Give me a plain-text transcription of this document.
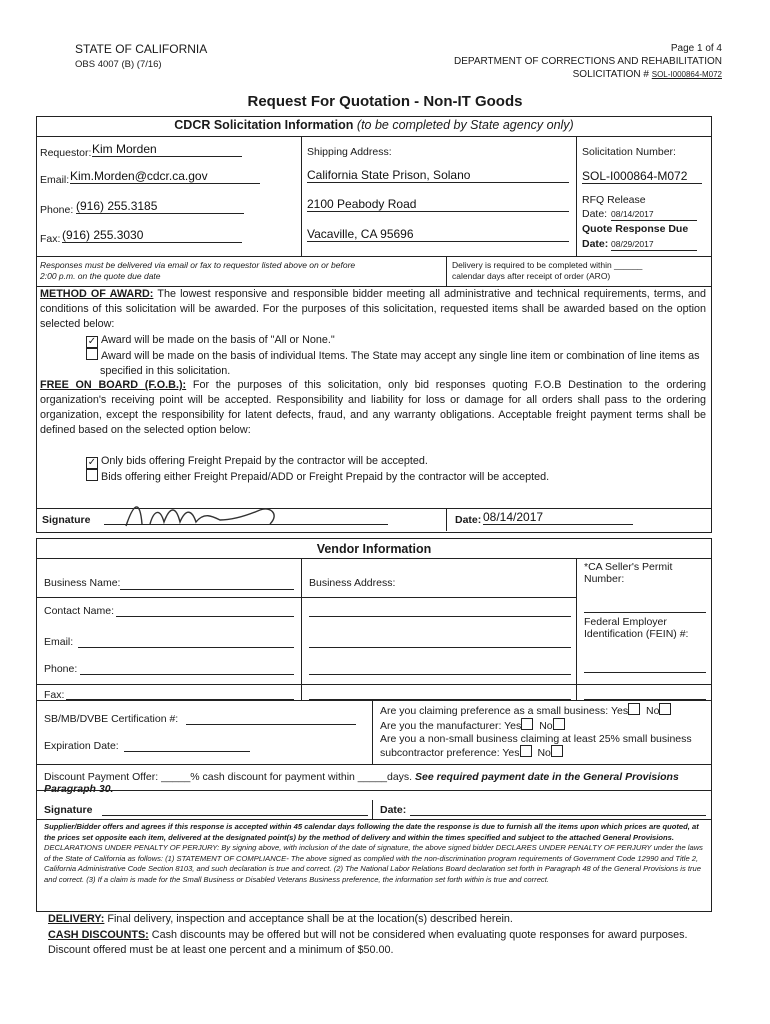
STATE OF CALIFORNIA
OBS 4007 (B) (7/16)
Page 1 of 4
DEPARTMENT OF CORRECTIONS AND REHABILITATION
SOLICITATION # SOL-I000864-M072
Request For Quotation - Non-IT Goods
CDCR Solicitation Information (to be completed by State agency only)
Requestor: Kim Morden
Email: Kim.Morden@cdcr.ca.gov
Phone: (916) 255.3185
Fax: (916) 255.3030
Shipping Address:
California State Prison, Solano
2100 Peabody Road
Vacaville, CA 95696
Solicitation Number:
SOL-I000864-M072
RFQ Release
Date: 08/14/2017
Quote Response Due
Date: 08/29/2017
Responses must be delivered via email or fax to requestor listed above on or before
2:00 p.m. on the quote due date
Delivery is required to be completed within ______
calendar days after receipt of order (ARO)
METHOD OF AWARD: The lowest responsive and responsible bidder meeting all administrative and technical requirements, terms, and conditions of this solicitation will be awarded. For the purposes of this solicitation, requested items shall be awarded based on the option selected below:
✓ Award will be made on the basis of "All or None."
Award will be made on the basis of individual Items. The State may accept any single line item or combination of line items as specified in this solicitation.
FREE ON BOARD (F.O.B.): For the purposes of this solicitation, only bid responses quoting F.O.B Destination to the ordering organization's receiving point will be accepted. Responsibility and liability for loss or damage for all orders shall pass to the ordering organization, except the responsibility for latent defects, fraud, and any warranty obligations. Acceptable freight payment terms shall be defined based on the selected option below:
✓ Only bids offering Freight Prepaid by the contractor will be accepted.
Bids offering either Freight Prepaid/ADD or Freight Prepaid by the contractor will be accepted.
Signature	Date: 08/14/2017
Vendor Information
Business Name:	Business Address:
*CA Seller's Permit Number:
Contact Name:
Email:
Federal Employer Identification (FEIN) #:
Phone:
Fax:
SB/MB/DVBE Certification #:
Expiration Date:
Are you claiming preference as a small business: Yes No
Are you the manufacturer: Yes No
Are you a non-small business claiming at least 25% small business subcontractor preference: Yes No
Discount Payment Offer: _____% cash discount for payment within _____days. See required payment date in the General Provisions Paragraph 30.
Signature	Date:
Supplier/Bidder offers and agrees if this response is accepted within 45 calendar days following the date the response is due to furnish all the items upon which prices are quoted, at the prices set opposite each item, delivered at the designated point(s) by the method of delivery and within the times specified and subject to the attached General Provisions. DECLARATIONS UNDER PENALTY OF PERJURY: By signing above, with inclusion of the date of signature, the above signed bidder DECLARES UNDER PENALTY OF PERJURY under the laws of the State of California as follows: (1) STATEMENT OF COMPLIANCE- The above signed as complied with the non-discrimination program requirements of Government Code 12990 and Title 2, California Administrative Code Section 8103, and such declaration is true and correct. (2) The National Labor Relations Board declaration set forth in Paragraph 48 of the General Provisions is true and correct. (3) If a claim is made for the Small Business or Disabled Veterans Business preference, the information set forth within is true and correct.
DELIVERY: Final delivery, inspection and acceptance shall be at the location(s) described herein.
CASH DISCOUNTS: Cash discounts may be offered but will not be considered when evaluating quote responses for award purposes. Discount offered must be at least one percent and a minimum of $50.00.
